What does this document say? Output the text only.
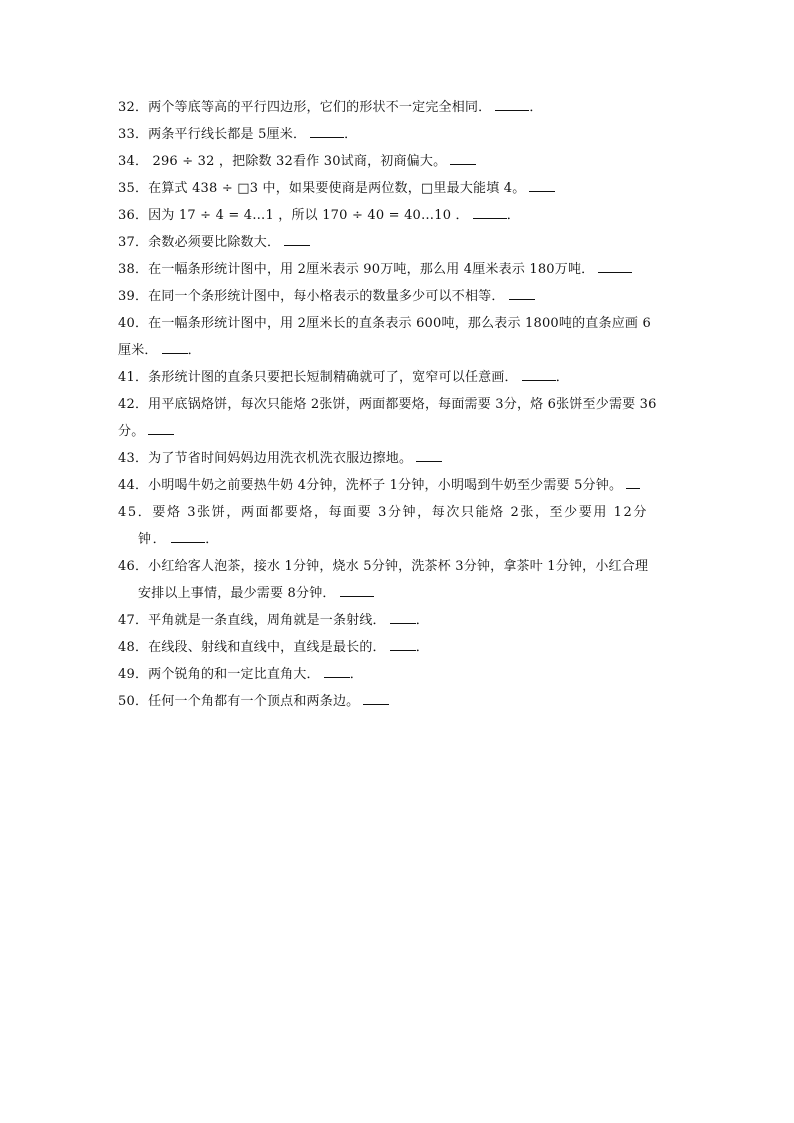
32．两个等底等高的平行四边形，它们的形状不一定完全相同．	．
33．两条平行线长都是 5厘米．	．
34． 296 ÷ 32 ，把除数 32看作 30试商，初商偏大。
35．在算式 438 ÷ □3 中，如果要使商是两位数，□里最大能填 4。
36．因为 17 ÷ 4 = 4…1 ，所以 170 ÷ 40 = 40…10 ．	．
37．余数必须要比除数大．
38．在一幅条形统计图中，用 2厘米表示 90万吨，那么用 4厘米表示 180万吨．
39．在同一个条形统计图中，每小格表示的数量多少可以不相等．
40．在一幅条形统计图中，用 2厘米长的直条表示 600吨，那么表示 1800吨的直条应画 6
厘米． ．
41．条形统计图的直条只要把长短制精确就可了，宽窄可以任意画．	．
42．用平底锅烙饼，每次只能烙 2张饼，两面都要烙，每面需要 3分，烙 6张饼至少需要 36
分。
43．为了节省时间妈妈边用洗衣机洗衣服边擦地。
44．小明喝牛奶之前要热牛奶 4分钟，洗杯子 1分钟，小明喝到牛奶至少需要 5分钟。
45．要烙 3张饼，两面都要烙，每面要 3分钟，每次只能烙 2张，至少要用 12分
钟．	．
46．小红给客人泡茶，接水 1分钟，烧水 5分钟，洗茶杯 3分钟，拿茶叶 1分钟，小红合理
安排以上事情，最少需要 8分钟．
47．平角就是一条直线，周角就是一条射线． ．
48．在线段、射线和直线中，直线是最长的． ．
49．两个锐角的和一定比直角大． ．
50．任何一个角都有一个顶点和两条边。
